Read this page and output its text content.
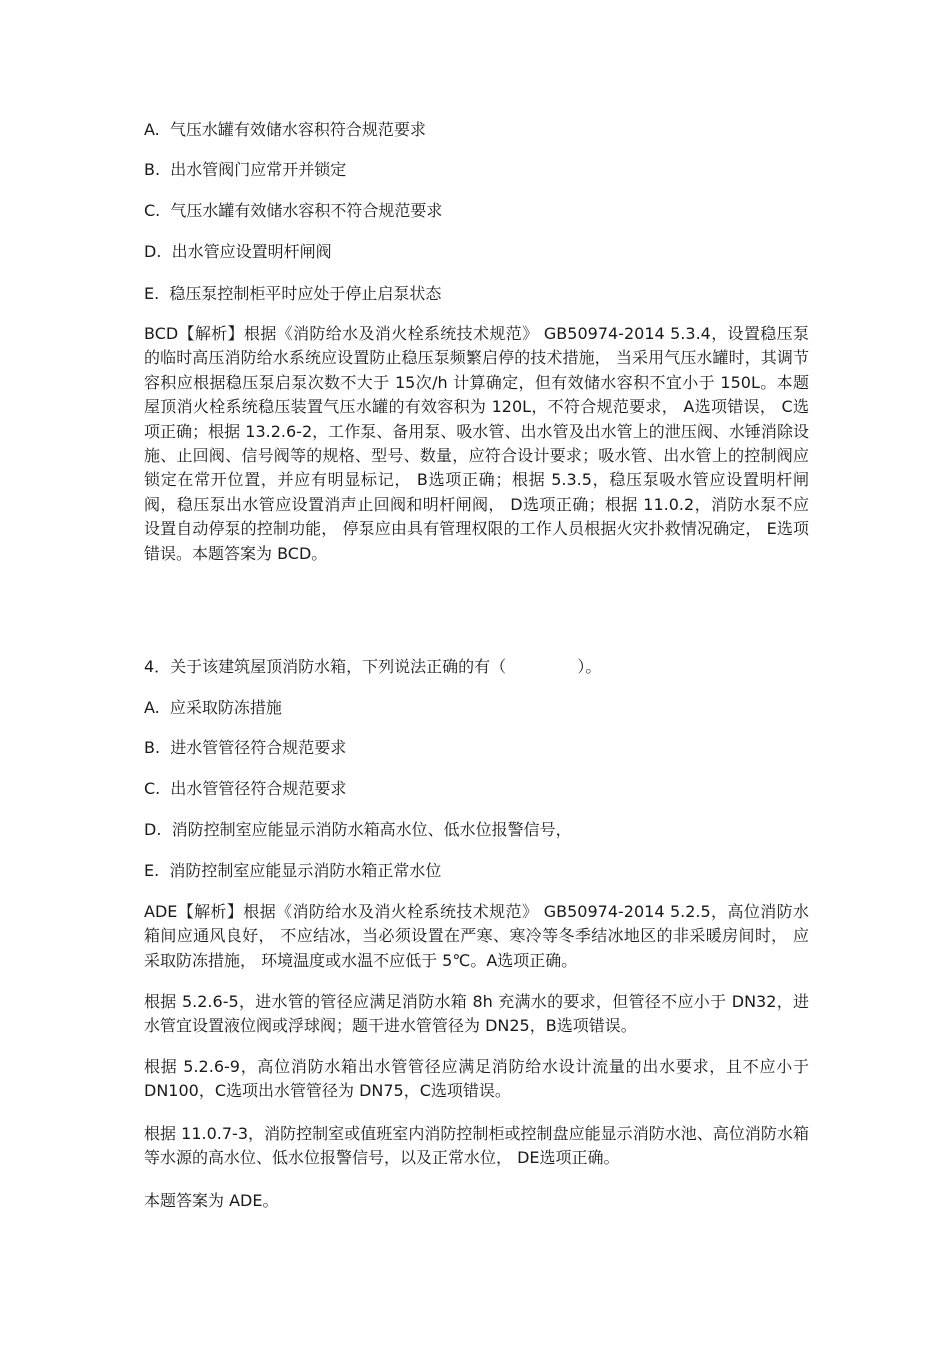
A.  气压水罐有效储水容积符合规范要求
B.  出水管阀门应常开并锁定
C.  气压水罐有效储水容积不符合规范要求
D.  出水管应设置明杆闸阀
E.  稳压泵控制柜平时应处于停止启泵状态
BCD【解析】根据《消防给水及消火栓系统技术规范》 GB50974-2014 5.3.4，设置稳压泵的临时高压消防给水系统应设置防止稳压泵频繁启停的技术措施， 当采用气压水罐时，其调节容积应根据稳压泵启泵次数不大于 15次/h 计算确定，但有效储水容积不宜小于 150L。本题屋顶消火栓系统稳压装置气压水罐的有效容积为 120L，不符合规范要求， A选项错误， C选项正确；根据 13.2.6-2，工作泵、备用泵、吸水管、出水管及出水管上的泄压阀、水锤消除设施、止回阀、信号阀等的规格、型号、数量，应符合设计要求；吸水管、出水管上的控制阀应锁定在常开位置，并应有明显标记， B选项正确；根据 5.3.5，稳压泵吸水管应设置明杆闸阀，稳压泵出水管应设置消声止回阀和明杆闸阀， D选项正确；根据 11.0.2，消防水泵不应设置自动停泵的控制功能， 停泵应由具有管理权限的工作人员根据火灾扑救情况确定， E选项错误。本题答案为 BCD。
4．关于该建筑屋顶消防水箱，下列说法正确的有（              ）。
A.  应采取防冻措施
B.  进水管管径符合规范要求
C.  出水管管径符合规范要求
D.  消防控制室应能显示消防水箱高水位、低水位报警信号，
E.  消防控制室应能显示消防水箱正常水位
ADE【解析】根据《消防给水及消火栓系统技术规范》 GB50974-2014 5.2.5，高位消防水箱间应通风良好， 不应结冰，当必须设置在严寒、寒冷等冬季结冰地区的非采暖房间时， 应采取防冻措施， 环境温度或水温不应低于 5℃。A选项正确。
根据 5.2.6-5，进水管的管径应满足消防水箱 8h 充满水的要求，但管径不应小于 DN32，进水管宜设置液位阀或浮球阀；题干进水管管径为 DN25，B选项错误。
根据 5.2.6-9，高位消防水箱出水管管径应满足消防给水设计流量的出水要求，且不应小于 DN100，C选项出水管管径为 DN75，C选项错误。
根据 11.0.7-3，消防控制室或值班室内消防控制柜或控制盘应能显示消防水池、高位消防水箱等水源的高水位、低水位报警信号，以及正常水位， DE选项正确。
本题答案为 ADE。
